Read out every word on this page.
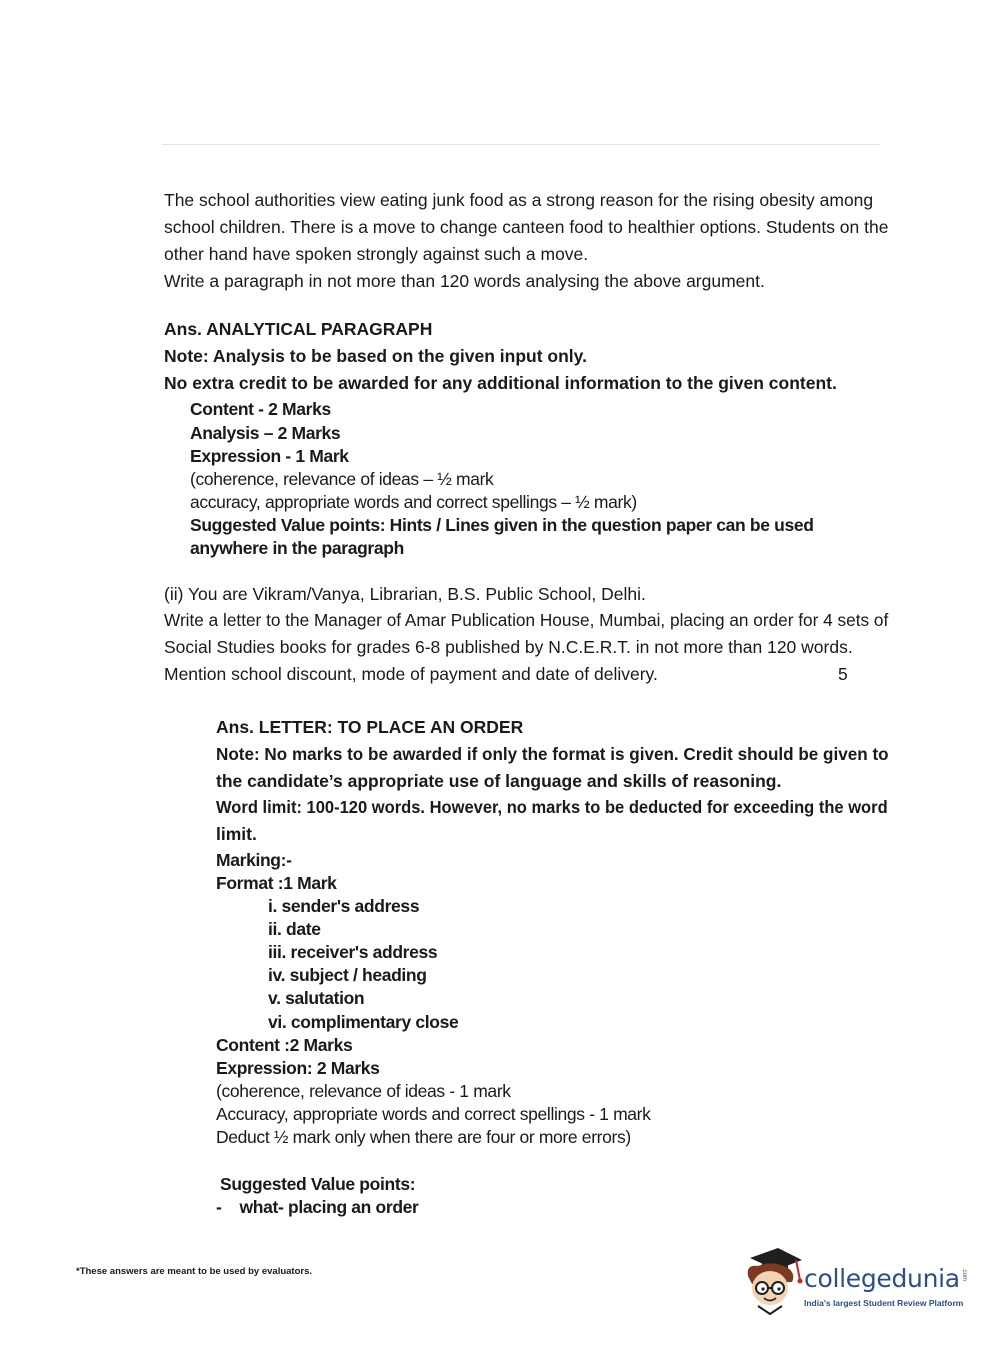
The school authorities view eating junk food as a strong reason for the rising obesity among
school children. There is a move to change canteen food to healthier options. Students on the
other hand have spoken strongly against such a move.
Write a paragraph in not more than 120 words analysing the above argument.
Ans. ANALYTICAL PARAGRAPH
Note: Analysis to be based on the given input only.
No extra credit to be awarded for any additional information to the given content.
Content - 2 Marks
Analysis – 2 Marks
Expression - 1 Mark
(coherence, relevance of ideas – ½ mark
accuracy, appropriate words and correct spellings – ½ mark)
Suggested Value points: Hints / Lines given in the question paper can be used
anywhere in the paragraph
(ii) You are Vikram/Vanya, Librarian, B.S. Public School, Delhi.
Write a letter to the Manager of Amar Publication House, Mumbai, placing an order for 4 sets of
Social Studies books for grades 6-8 published by N.C.E.R.T. in not more than 120 words.
Mention school discount, mode of payment and date of delivery.	5
Ans. LETTER: TO PLACE AN ORDER
Note: No marks to be awarded if only the format is given. Credit should be given to
the candidate’s appropriate use of language and skills of reasoning.
Word limit: 100-120 words. However, no marks to be deducted for exceeding the word
limit.
Marking:-
Format :1 Mark
i. sender's address
ii. date
iii. receiver's address
iv. subject / heading
v. salutation
vi. complimentary close
Content :2 Marks
Expression: 2 Marks
(coherence, relevance of ideas - 1 mark
Accuracy, appropriate words and correct spellings - 1 mark
Deduct ½ mark only when there are four or more errors)
Suggested Value points:
-    what- placing an order
*These answers are meant to be used by evaluators.	collegedunia .com
India's largest Student Review Platform
